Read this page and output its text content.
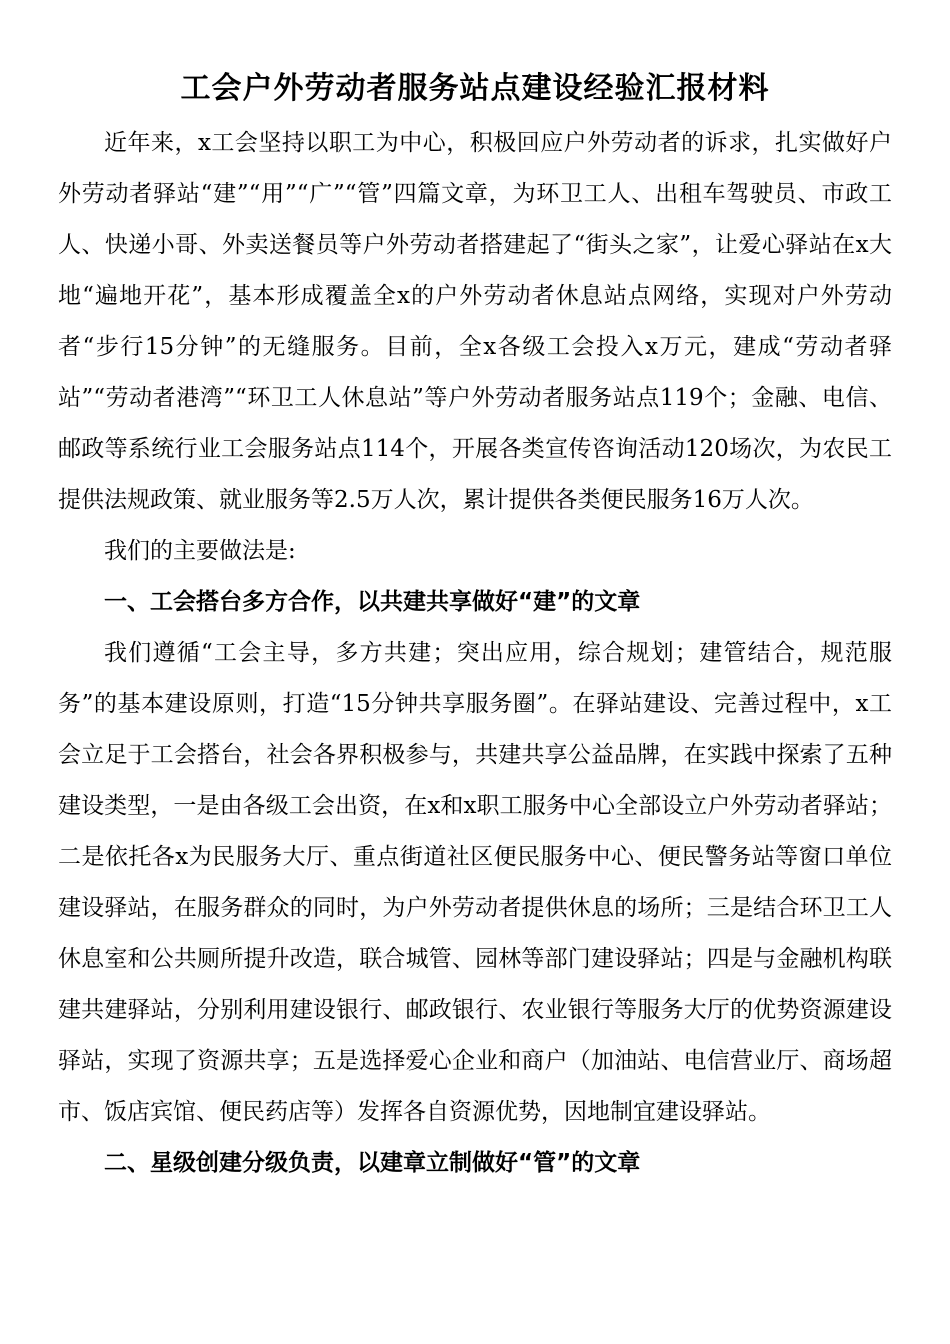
工会户外劳动者服务站点建设经验汇报材料

近年来，x工会坚持以职工为中心，积极回应户外劳动者的诉求，扎实做好户外劳动者驿站“建”“用”“广”“管”四篇文章，为环卫工人、出租车驾驶员、市政工人、快递小哥、外卖送餐员等户外劳动者搭建起了“街头之家”，让爱心驿站在x大地“遍地开花”，基本形成覆盖全x的户外劳动者休息站点网络，实现对户外劳动者“步行15分钟”的无缝服务。目前，全x各级工会投入x万元，建成“劳动者驿站”“劳动者港湾”“环卫工人休息站”等户外劳动者服务站点119个；金融、电信、邮政等系统行业工会服务站点114个，开展各类宣传咨询活动120场次，为农民工提供法规政策、就业服务等2.5万人次，累计提供各类便民服务16万人次。

我们的主要做法是:

一、工会搭台多方合作，以共建共享做好“建”的文章

我们遵循“工会主导，多方共建；突出应用，综合规划；建管结合，规范服务”的基本建设原则，打造“15分钟共享服务圈”。在驿站建设、完善过程中，x工会立足于工会搭台，社会各界积极参与，共建共享公益品牌，在实践中探索了五种建设类型，一是由各级工会出资，在x和x职工服务中心全部设立户外劳动者驿站；二是依托各x为民服务大厅、重点街道社区便民服务中心、便民警务站等窗口单位建设驿站，在服务群众的同时，为户外劳动者提供休息的场所；三是结合环卫工人休息室和公共厕所提升改造，联合城管、园林等部门建设驿站；四是与金融机构联建共建驿站，分别利用建设银行、邮政银行、农业银行等服务大厅的优势资源建设驿站，实现了资源共享；五是选择爱心企业和商户（加油站、电信营业厅、商场超市、饭店宾馆、便民药店等）发挥各自资源优势，因地制宜建设驿站。

二、星级创建分级负责，以建章立制做好“管”的文章
